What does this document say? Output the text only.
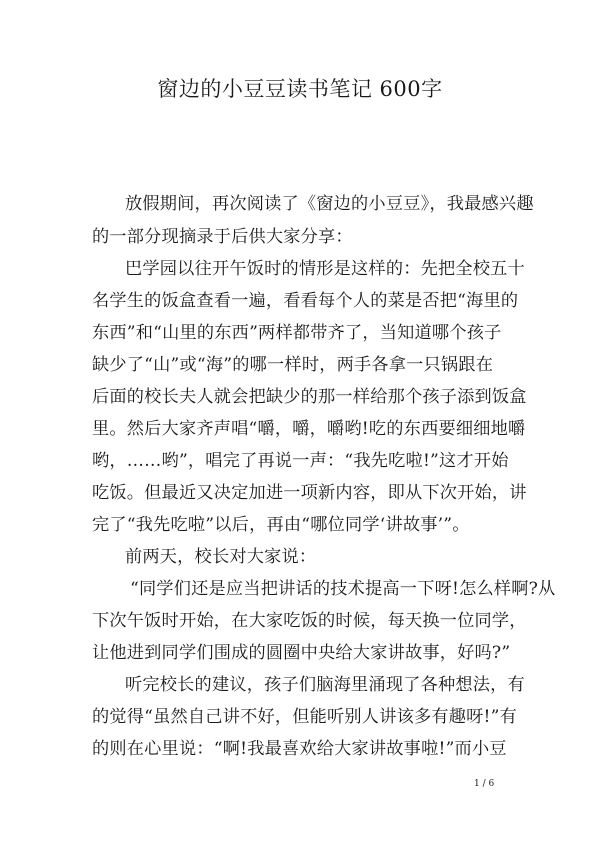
窗边的小豆豆读书笔记 600字

放假期间，再次阅读了《窗边的小豆豆》，我最感兴趣

的一部分现摘录于后供大家分享：

巴学园以往开午饭时的情形是这样的：先把全校五十

名学生的饭盒查看一遍，看看每个人的菜是否把“海里的

东西”和“山里的东西”两样都带齐了，当知道哪个孩子

缺少了“山”或“海”的哪一样时，两手各拿一只锅跟在

后面的校长夫人就会把缺少的那一样给那个孩子添到饭盒

里。然后大家齐声唱“嚼，嚼，嚼哟!吃的东西要细细地嚼

哟，……哟”，唱完了再说一声：“我先吃啦!”这才开始

吃饭。但最近又决定加进一项新内容，即从下次开始，讲

完了“我先吃啦”以后，再由“哪位同学‘讲故事’”。

前两天，校长对大家说：

“同学们还是应当把讲话的技术提高一下呀!怎么样啊?从

下次午饭时开始，在大家吃饭的时候，每天换一位同学，

让他进到同学们围成的圆圈中央给大家讲故事，好吗?”

听完校长的建议，孩子们脑海里涌现了各种想法，有

的觉得“虽然自己讲不好，但能听别人讲该多有趣呀!”有

的则在心里说：“啊!我最喜欢给大家讲故事啦!”而小豆

1 / 6
